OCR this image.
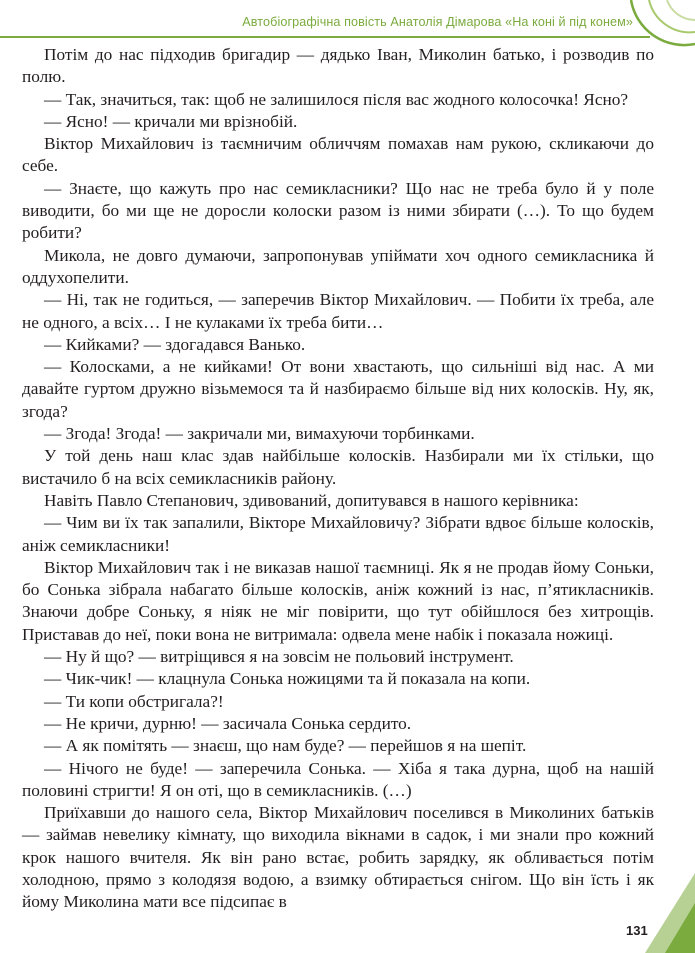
Автобіографічна повість Анатолія Дімарова «На коні й під конем»

Потім до нас підходив бригадир — дядько Іван, Миколин батько, і розводив по полю.

— Так, значиться, так: щоб не залишилося після вас жодного колосочка! Ясно?

— Ясно! — кричали ми врізнобій.

Віктор Михайлович із таємничим обличчям помахав нам рукою, скликаючи до себе.

— Знаєте, що кажуть про нас семикласники? Що нас не треба було й у поле виводити, бо ми ще не доросли колоски разом із ними збирати (…). То що будем робити?

Микола, не довго думаючи, запропонував упіймати хоч одного семикласника й оддухопелити.

— Ні, так не годиться, — заперечив Віктор Михайлович. — Побити їх треба, але не одного, а всіх… І не кулаками їх треба бити…

— Кийками? — здогадався Ванько.

— Колосками, а не кийками! От вони хвастають, що сильніші від нас. А ми давайте гуртом дружно візьмемося та й назбираємо більше від них колосків. Ну, як, згода?

— Згода! Згода! — закричали ми, вимахуючи торбинками.

У той день наш клас здав найбільше колосків. Назбирали ми їх стільки, що вистачило б на всіх семикласників району.

Навіть Павло Степанович, здивований, допитувався в нашого керівника:

— Чим ви їх так запалили, Вікторе Михайловичу? Зібрати вдвоє більше колосків, аніж семикласники!

Віктор Михайлович так і не виказав нашої таємниці. Як я не продав йому Соньки, бо Сонька зібрала набагато більше колосків, аніж кожний із нас, п’ятикласників. Знаючи добре Соньку, я ніяк не міг повірити, що тут обійшлося без хитрощів. Приставав до неї, поки вона не витримала: одвела мене набік і показала ножиці.

— Ну й що? — витріщився я на зовсім не польовий інструмент.

— Чик-чик! — клацнула Сонька ножицями та й показала на копи.

— Ти копи обстригала?!

— Не кричи, дурню! — засичала Сонька сердито.

— А як помітять — знаєш, що нам буде? — перейшов я на шепіт.

— Нічого не буде! — заперечила Сонька. — Хіба я така дурна, щоб на нашій половині стригти! Я он оті, що в семикласників. (…)

Приїхавши до нашого села, Віктор Михайлович поселився в Миколиних батьків — займав невелику кімнату, що виходила вікнами в садок, і ми знали про кожний крок нашого вчителя. Як він рано встає, робить зарядку, як обливається потім холодною, прямо з колодязя водою, а взимку обтирається снігом. Що він їсть і як йому Миколина мати все підсипає в

131
